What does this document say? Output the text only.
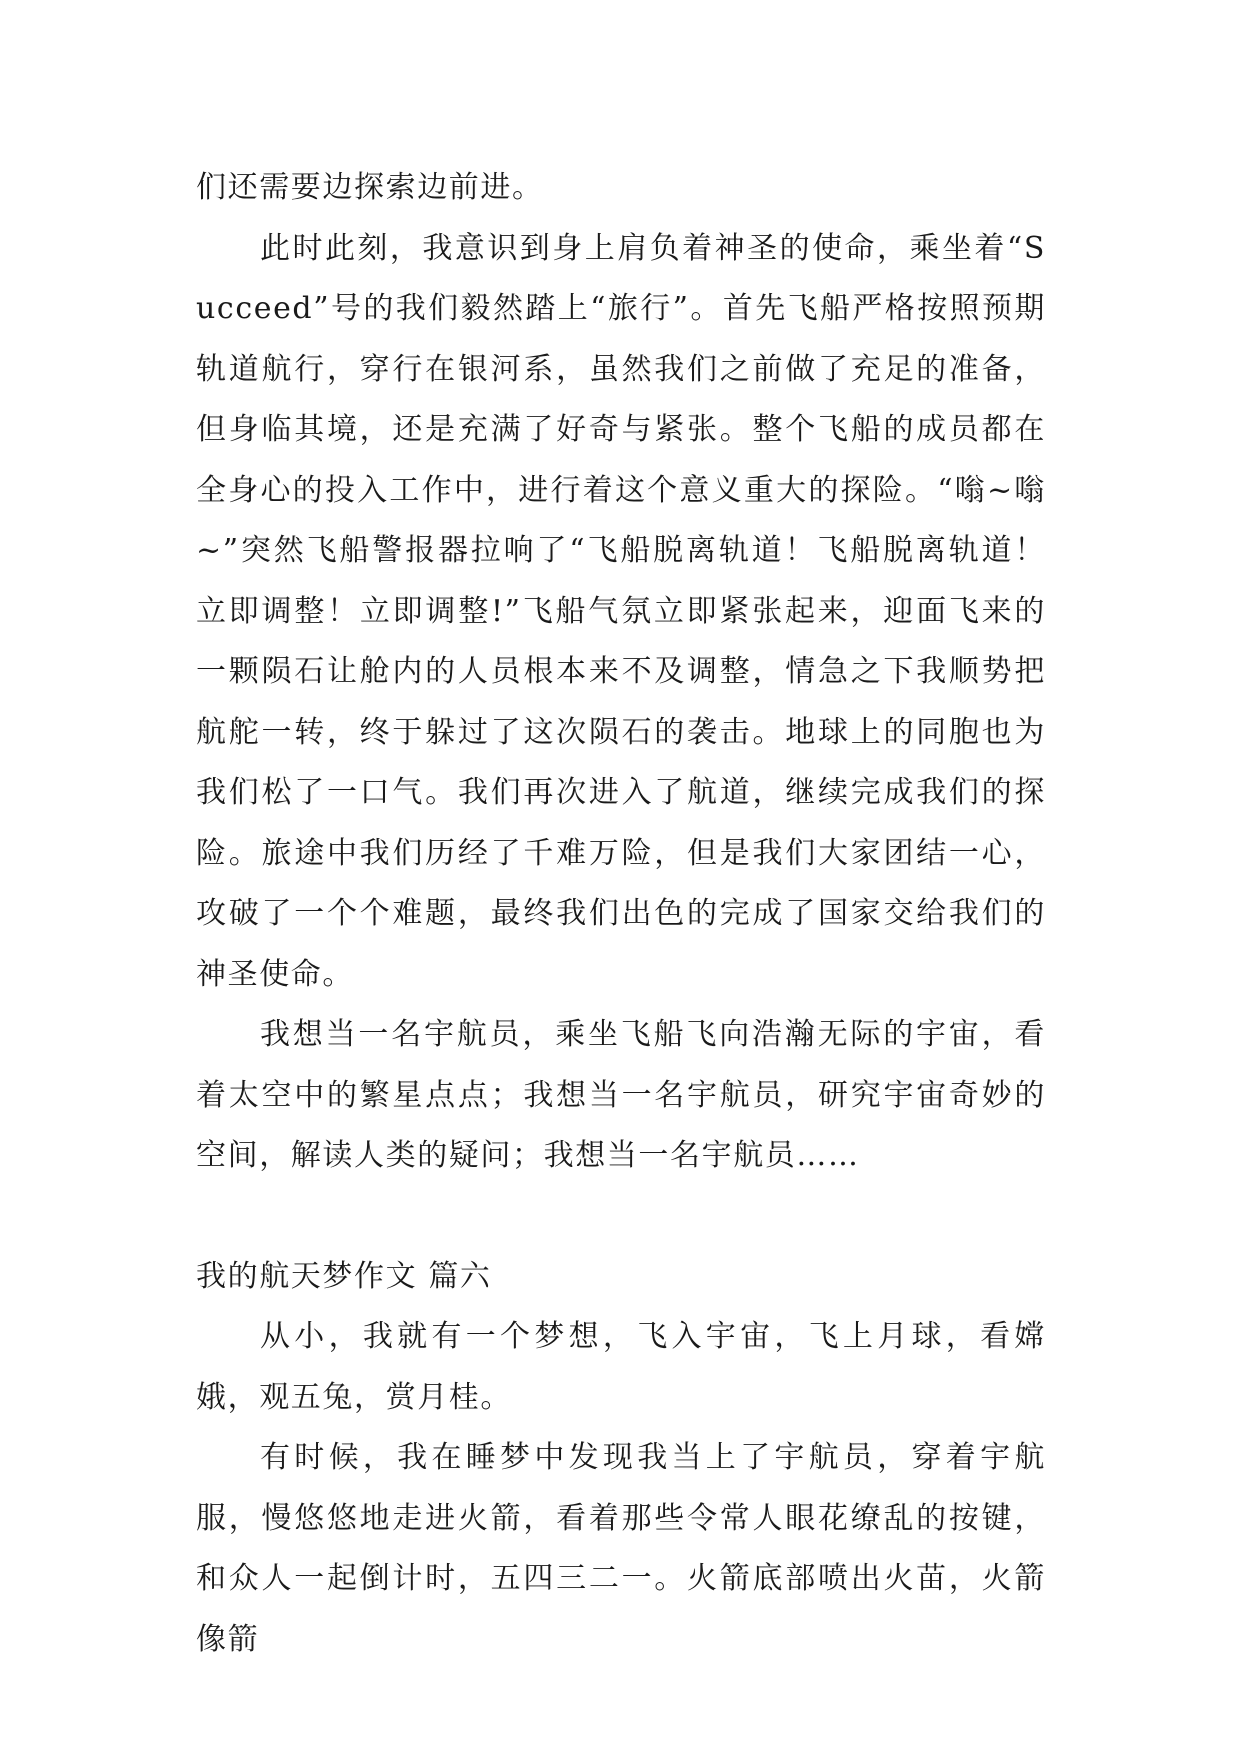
们还需要边探索边前进。

此时此刻，我意识到身上肩负着神圣的使命，乘坐着“Succeed”号的我们毅然踏上“旅行”。首先飞船严格按照预期轨道航行，穿行在银河系，虽然我们之前做了充足的准备，但身临其境，还是充满了好奇与紧张。整个飞船的成员都在全身心的投入工作中，进行着这个意义重大的探险。“嗡~嗡~”突然飞船警报器拉响了“飞船脱离轨道！飞船脱离轨道！立即调整！立即调整!”飞船气氛立即紧张起来，迎面飞来的一颗陨石让舱内的人员根本来不及调整，情急之下我顺势把航舵一转，终于躲过了这次陨石的袭击。地球上的同胞也为我们松了一口气。我们再次进入了航道，继续完成我们的探险。旅途中我们历经了千难万险，但是我们大家团结一心，攻破了一个个难题，最终我们出色的完成了国家交给我们的神圣使命。

我想当一名宇航员，乘坐飞船飞向浩瀚无际的宇宙，看着太空中的繁星点点；我想当一名宇航员，研究宇宙奇妙的空间，解读人类的疑问；我想当一名宇航员……

我的航天梦作文 篇六

从小，我就有一个梦想，飞入宇宙，飞上月球，看嫦娥，观五兔，赏月桂。

有时候，我在睡梦中发现我当上了宇航员，穿着宇航服，慢悠悠地走进火箭，看着那些令常人眼花缭乱的按键，和众人一起倒计时，五四三二一。火箭底部喷出火苗，火箭像箭
